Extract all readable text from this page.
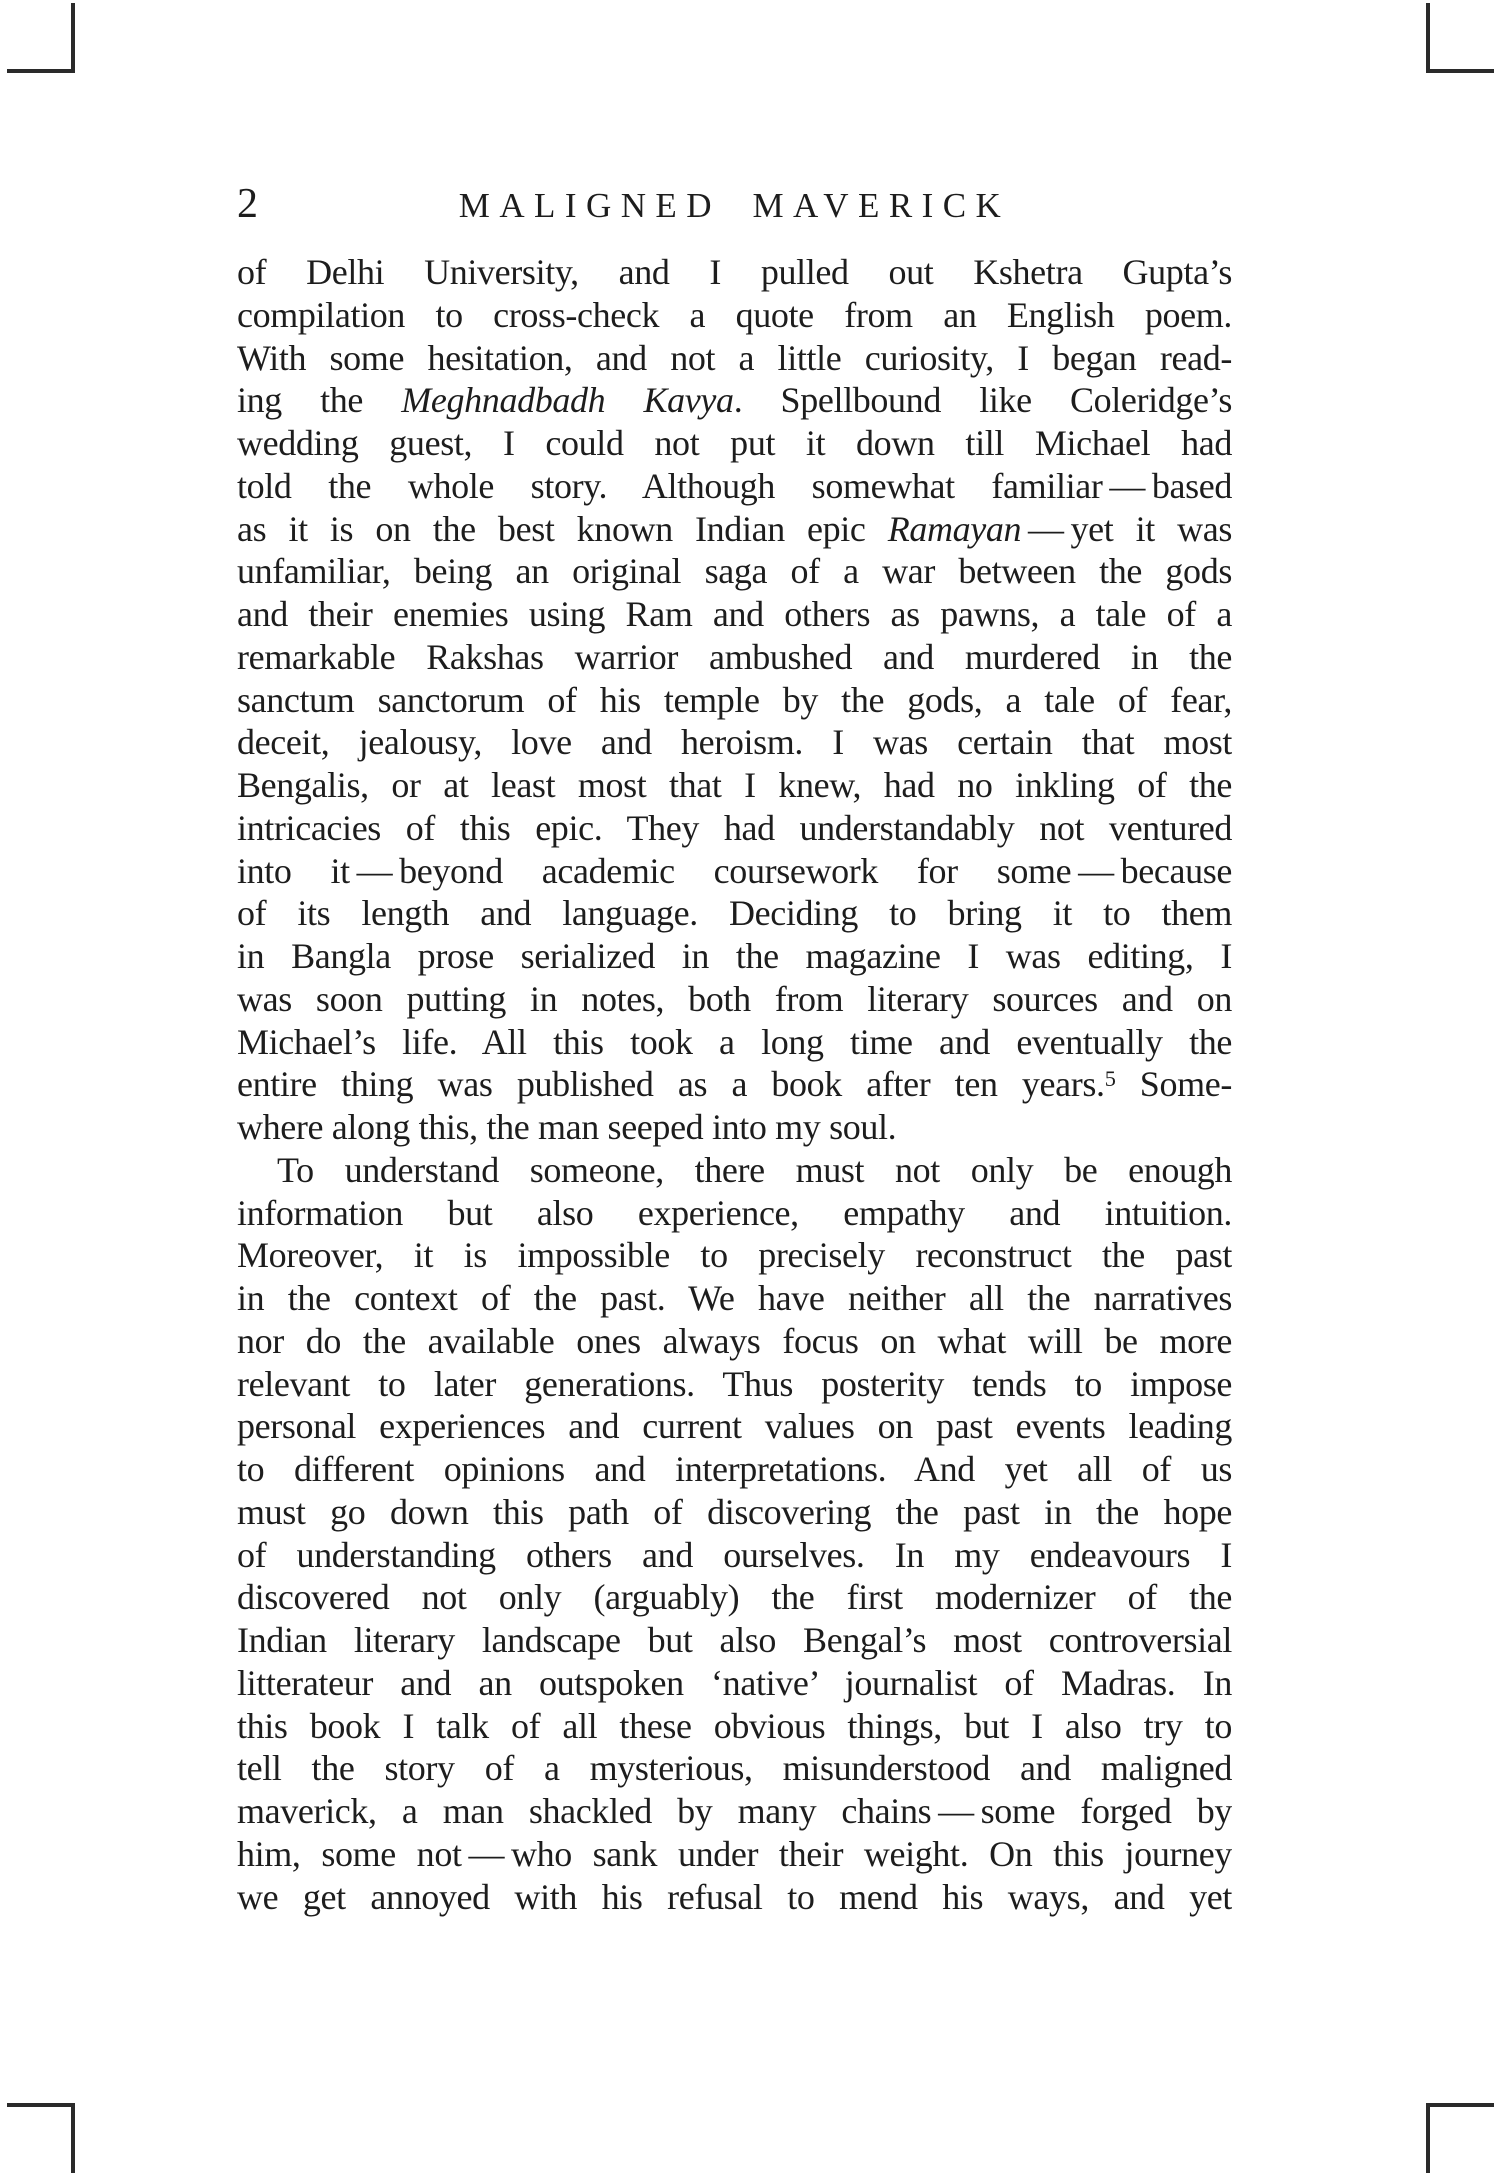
2	MALIGNED MAVERICK
of Delhi University, and I pulled out Kshetra Gupta’s
compilation to cross-check a quote from an English poem.
With some hesitation, and not a little curiosity, I began read-
ing the Meghnadbadh Kavya. Spellbound like Coleridge’s
wedding guest, I could not put it down till Michael had
told the whole story. Although somewhat familiar — based
as it is on the best known Indian epic Ramayan — yet it was
unfamiliar, being an original saga of a war between the gods
and their enemies using Ram and others as pawns, a tale of a
remarkable Rakshas warrior ambushed and murdered in the
sanctum sanctorum of his temple by the gods, a tale of fear,
deceit, jealousy, love and heroism. I was certain that most
Bengalis, or at least most that I knew, had no inkling of the
intricacies of this epic. They had understandably not ventured
into it — beyond academic coursework for some — because
of its length and language. Deciding to bring it to them
in Bangla prose serialized in the magazine I was editing, I
was soon putting in notes, both from literary sources and on
Michael’s life. All this took a long time and eventually the
entire thing was published as a book after ten years.$^5$ Some-
where along this, the man seeped into my soul.
To understand someone, there must not only be enough
information but also experience, empathy and intuition.
Moreover, it is impossible to precisely reconstruct the past
in the context of the past. We have neither all the narratives
nor do the available ones always focus on what will be more
relevant to later generations. Thus posterity tends to impose
personal experiences and current values on past events leading
to different opinions and interpretations. And yet all of us
must go down this path of discovering the past in the hope
of understanding others and ourselves. In my endeavours I
discovered not only (arguably) the first modernizer of the
Indian literary landscape but also Bengal’s most controversial
litterateur and an outspoken ‘native’ journalist of Madras. In
this book I talk of all these obvious things, but I also try to
tell the story of a mysterious, misunderstood and maligned
maverick, a man shackled by many chains — some forged by
him, some not — who sank under their weight. On this journey
we get annoyed with his refusal to mend his ways, and yet
